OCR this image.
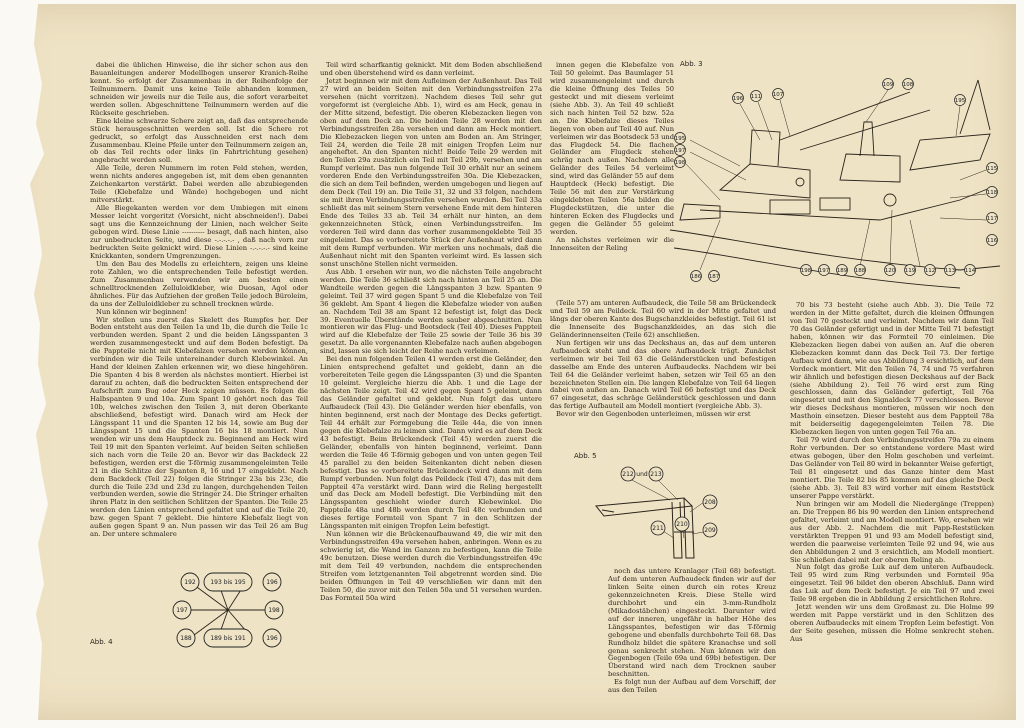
dabei die üblichen Hinweise, die ihr sicher schon aus den Bauanleitungen anderer Modellbogen unserer Kranich-Reihe kennt. So erfolgt der Zusammenbau in der Reihenfolge der Teilnummern. Damit uns keine Teile abhanden kommen, schneiden wir jeweils nur die Teile aus, die sofort verarbeitet werden sollen. Abgeschnittene Teilnummern werden auf die Rückseite geschrieben.

Eine kleine schwarze Schere zeigt an, daß das entsprechende Stück herausgeschnitten werden soll. Ist die Schere rot gedruckt, so erfolgt das Ausschneiden erst nach dem Zusammenbau. Kleine Pfeile unter den Teilnummern zeigen an, ob das Teil rechts oder links (in Fahrtrichtung gesehen) angebracht werden soll.

Alle Teile, deren Nummern im roten Feld stehen, werden, wenn nichts anderes angegeben ist, mit dem eben genannten Zeichenkarton verstärkt. Dabei werden alle abzubiegenden Teile (Klebefalze und Wände) hochgebogen und nicht mitverstärkt.

Alle Biegekanten werden vor dem Umbiegen mit einem Messer leicht vorgeritzt (Vorsicht, nicht abschneiden!). Dabei sagt uns die Kennzeichnung der Linien, nach welcher Seite gebogen wird. Diese Linie ---------- besagt, daß nach hinten, also zur unbedruckten Seite, und diese -.-.-.-.- , daß nach vorn zur bedruckten Seite geknickt wird. Diese Linien -.-.-.-.- sind keine Knickkanten, sondern Umgrenzungen.

Um den Bau des Modells zu erleichtern, zeigen uns kleine rote Zahlen, wo die entsprechenden Teile befestigt werden. Zum Zusammenbau verwenden wir am besten einen schnelltrocknenden Zelluloidkleber, wie Duosan, Agol oder ähnliches. Für das Aufziehen der großen Teile jedoch Büroleim, da uns der Zelluloidkleber zu schnell trocknen würde.

Nun können wir beginnen!

Wir stellen uns zuerst das Skelett des Rumpfes her. Der Boden entsteht aus den Teilen 1a und 1b, die durch die Teile 1c verbunden werden. Spant 2 und die beiden Längsspanten 3 werden zusammengesteckt und auf dem Boden befestigt. Da die Pappteile nicht mit Klebefalzen versehen werden können, verbinden wir die Teile untereinander durch Klebewinkel. An Hand der kleinen Zahlen erkennen wir, wo diese hingehören. Die Spanten 4 bis 8 werden als nächstes montiert. Hierbei ist darauf zu achten, daß die bedruckten Seiten entsprechend der Aufschrift zum Bug oder Heck zeigen müssen. Es folgen die Halbspanten 9 und 10a. Zum Spant 10 gehört noch das Teil 10b, welches zwischen den Teilen 3, mit deren Oberkante abschließend, befestigt wird. Danach wird am Heck der Längsspant 11 und die Spanten 12 bis 14, sowie am Bug der Längsspant 15 und die Spanten 16 bis 18 montiert. Nun wenden wir uns dem Hauptdeck zu. Beginnend am Heck wird Teil 19 mit den Spanten verleimt. Auf beiden Seiten schließen sich nach vorn die Teile 20 an. Bevor wir das Backdeck 22 befestigen, werden erst die T-förmig zusammengeleimten Teile 21 in die Schlitze der Spanten 8, 16 und 17 eingeklebt. Nach dem Backdeck (Teil 22) folgen die Stringer 23a bis 23c, die durch die Teile 23d und 23d zu langen, durchgehenden Teilen verbunden werden, sowie die Stringer 24. Die Stringer erhalten ihren Platz in den seitlichen Schlitzen der Spanten. Die Teile 25 werden den Linien entsprechend gefaltet und auf die Teile 20, bzw. gegen Spant 7 geklebt. Die hintere Klebefalz liegt von außen gegen Spant 9 an. Nun passen wir das Teil 26 am Bug an. Der untere schmalere

Teil wird scharfkantig geknickt. Mit dem Boden abschließend und oben überstehend wird es dann verleimt.

Jetzt beginnen wir mit dem Aufleimen der Außenhaut. Das Teil 27 wird an beiden Seiten mit den Verbindungsstreifen 27a versehen (nicht vorritzen). Nachdem dieses Teil sehr gut vorgeformt ist (vergleiche Abb. 1), wird es am Heck, genau in der Mitte sitzend, befestigt. Die oberen Klebezacken liegen von oben auf dem Deck an. Die beiden Teile 28 werden mit den Verbindungsstreifen 28a versehen und dann am Heck montiert. Die Klebezacken liegen von unten am Boden an. Am Stringer, Teil 24, werden die Teile 28 mit einigen Tropfen Leim nur angeheftet. An den Spanten nicht! Beide Teile 29 werden mit den Teilen 29a zusätzlich ein Teil mit Teil 29b, versehen und am Rumpf verleimt. Das nun folgende Teil 30 erhält nur an seinem vorderen Ende den Verbindungsstreifen 30a. Die Klebezacken, die sich an dem Teil befinden, werden umgebogen und liegen auf dem Deck (Teil 19) an. Die Teile 31, 32 und 33 folgen, nachdem sie mit ihren Verbindungsstreifen versehen wurden. Bei Teil 33a schließt das mit seinem Stern versehene Ende mit dem hinteren Ende des Teiles 33 ab. Teil 34 erhält nur hinten, an dem gekennzeichneten Stück, einen Verbindungsstreifen. Im vorderen Teil wird dann das vorher zusammengeklebte Teil 35 eingeleimt. Das so vorbereitete Stück der Außenhaut wird dann mit dem Rumpf verbunden. Wir merken uns nochmals, daß die Außenhaut nicht mit den Spanten verleimt wird. Es lassen sich sonst unschöne Stellen nicht vermeiden.

Aus Abb. 1 ersehen wir nun, wo die nächsten Teile angebracht werden. Die Teile 36 schließt sich nach hinten an Teil 25 an. Die Wandteile werden gegen die Längsspanten 3 bzw. Spanten 9 geleimt. Teil 37 wird gegen Spant 5 und die Klebefalze von Teil 36 geklebt. Am Spant 4 liegen die Klebefalze wieder von außen an. Nachdem Teil 38 am Spant 12 befestigt ist, folgt das Deck 39. Eventuelle Überstände werden sauber abgeschnitten. Nun montieren wir das Flug- und Bootsdeck (Teil 40). Dieses Pappteil wird auf die Klebefalze der Teile 25 sowie der Teile 36 bis 39 gesetzt. Da alle vorgenannten Klebefalze nach außen abgebogen sind, lassen sie sich leicht der Reihe nach verleimen.

Bei den nun folgenden Teilen 41 werden erst die Geländer, den Linien entsprechend gefaltet und geklebt, dann an die vorbereiteten Teile gegen die Längsspanten (3) und die Spanten 10 geleimt. Vergleiche hierzu die Abb. 1 und die Lage der nächsten Teile zeigt. Teil 42 wird gegen Spant 5 geleimt, dann das Geländer gefaltet und geklebt. Nun folgt das untere Aufbaudeck (Teil 43). Die Geländer werden hier ebenfalls, von hinten beginnend, erst nach der Montage des Decks gefertigt. Teil 44 erhält zur Formgebung die Teile 44a, die von innen gegen die Klebefalze zu leimen sind. Dann wird es auf dem Deck 43 befestigt. Beim Brückendeck (Teil 45) werden zuerst die Geländer, ebenfalls von hinten beginnend, verleimt. Dann werden die Teile 46 T-förmig gebogen und von unten gegen Teil 45 parallel zu den beiden Seitenkanten dicht neben diesen befestigt. Das so vorbereitete Brückendeck wird dann mit dem Rumpf verbunden. Nun folgt das Peildeck (Teil 47), das mit dem Pappteil 47a verstärkt wird. Dann wird die Reling hergestellt und das Deck am Modell befestigt. Die Verbindung mit den Längsspanten geschieht wieder durch Klebewinkel. Die Pappteile 48a und 48b werden durch Teil 48c verbunden und dieses fertige Formteil von Spant 7 in den Schlitzen der Längsspanten mit einigen Tropfen Leim befestigt.

Nun können wir die Brückenaufbauwand 49, die wir mit den Verbindungsstreifen 49a versehen haben, anbringen. Wenn es zu schwierig ist, die Wand im Ganzen zu befestigen, kann die Teile 49c benutzen. Diese werden durch die Verbindungsstreifen 49c mit dem Teil 49 verbunden, nachdem die entsprechenden Streifen vom letztgenannten Teil abgetrennt worden sind. Die beiden Öffnungen in Teil 49 verschließen wir dann mit den Teilen 50, die zuvor mit den Teilen 50a und 51 versehen wurden. Das Formteil 50a wird

innen gegen die Klebefalze von Teil 50 geleimt. Das Baumlager 51 wird zusammengeleimt und durch die kleine Öffnung des Teiles 50 gesteckt und mit diesem verleimt (siehe Abb. 3). An Teil 49 schließt sich nach hinten Teil 52 bzw. 52a an. Die Klebefalze dieses Teiles liegen von oben auf Teil 40 auf. Nun verleimen wir das Bootsdeck 53 und das Flugdeck 54. Die flachen Geländer am Flugdeck stehen schräg nach außen. Nachdem alle Geländer des Teiles 54 verleimt sind, wird das Geländer 55 auf dem Hauptdeck (Heck) befestigt. Die Teile 56 mit den zur Verstärkung eingeklebten Teilen 56a bilden die Flugdeckstützen, die unter die hinteren Ecken des Flugdecks und gegen die Geländer 55 geleimt werden.

An nächstes verleimen wir die Innenseiten der Reling

(Teile 57) am unteren Aufbaudeck, die Teile 58 am Brückendeck und Teil 59 am Peildeck. Teil 60 wird in der Mitte gefaltet und längs der oberen Kante des Bugschanzkleides befestigt. Teil 61 ist die Innenseite des Bugschanzkleides, an das sich die Geländerinnenseiten (Teile 62) anschließen.

Nun fertigen wir uns das Deckshaus an, das auf dem unteren Aufbaudeck steht und das obere Aufbaudeck trägt. Zunächst verleimen wir bei Teil 63 die Geländerstücken und befestigen dasselbe am Ende des unteren Aufbaudecks. Nachdem wir bei Teil 64 die Geländer verleimt haben, setzen wir Teil 65 an den bezeichneten Stellen ein. Die langen Klebefalze von Teil 64 liegen dabei von außen an. Danach wird Teil 66 befestigt und das Deck 67 eingesetzt, das schräge Geländerstück geschlossen und dann das fertige Aufbauteil am Modell montiert (vergleiche Abb. 3).

Bevor wir den Gegenboden unterleimen, müssen wir erst

noch das untere Kranlager (Teil 68) befestigt. Auf dem unteren Aufbaudeck finden wir auf der linken Seite einen durch ein rotes Kreuz gekennzeichneten Kreis. Diese Stelle wird durchbohrt und ein 3-mm-Rundholz (Mikadostäbchen) eingesteckt. Darunter wird auf der inneren, ungefähr in halber Höhe des Längsspantes, befestigen wir das T-förmig gebogene und ebenfalls durchbohrte Teil 68. Das Rundholz bildet die spätere Kranachse und soll genau senkrecht stehen. Nun können wir den Gegenbogen (Teile 69a und 69b) befestigen. Der Überstand wird nach dem Trocknen sauber beschnitten.

Es folgt nun der Aufbau auf dem Vorschiff, der aus den Teilen

70 bis 73 besteht (siehe auch Abb. 3). Die Teile 72 werden in der Mitte gefaltet, durch die kleinen Öffnungen von Teil 70 gesteckt und verleimt. Nachdem wir dann Teil 70 das Geländer gefertigt und in der Mitte Teil 71 befestigt haben, können wir das Formteil 70 einleimen. Die Klebezacken liegen dabei von außen an. Auf die oberen Klebezacken kommt dann das Deck Teil 73. Der fertige Aufbau wird dann, wie aus Abbildung 3 ersichtlich, auf dem Vordeck montiert. Mit den Teilen 74, 74 und 75 verfahren wir ähnlich und befestigen diesen Deckshaus auf der Back (siehe Abbildung 2). Teil 76 wird erst zum Ring geschlossen, dann das Geländer gefertigt, Teil 76a eingesetzt und mit den Signaldeck 77 verschlossen. Bevor wir dieses Deckshaus montieren, müssen wir noch den Masthoin einsetzen. Dieser besteht aus dem Pappteil 78a mit beiderseitig dagegengeleimten Teilen 78. Die Klebezacken liegen von unten gegen Teil 76a an.

Teil 79 wird durch den Verbindungsstreifen 79a zu einem Rohr verbunden. Der so entstandene vordere Mast wird etwas gebogen, über den Holm geschoben und verleimt. Das Geländer von Teil 80 wird in bekannter Weise gefertigt, Teil 81 eingesetzt und das Ganze hinter dem Mast montiert. Die Teile 82 bis 85 kommen auf das gleiche Deck (siehe Abb. 3). Teil 83 wird vorher mit einem Reststück unserer Pappe verstärkt.

Nun bringen wir am Modell die Niedergänge (Treppen) an. Die Treppen 86 bis 90 werden den Linien entsprechend gefaltet, verleimt und am Modell montiert. Wo, ersehen wir aus der Abb. 2. Nachdem die mit Papp-Reststücken verstärkten Treppen 91 und 93 am Modell befestigt sind, werden die paarweise verleimten Teile 92 und 94, wie aus den Abbildungen 2 und 3 ersichtlich, am Modell montiert. Sie schließen dabei mit der oberen Reling ab.

Nun folgt das große Luk auf dem unteren Aufbaudeck. Teil 95 wird zum Ring verbunden und Formteil 95a eingesetzt. Teil 96 bildet den oberen Abschluß. Dann wird das Luk auf dem Deck befestigt. Je ein Teil 97 und zwei Teile 98 ergeben die in Abbildung 2 ersichtlichen Rohre.

Jetzt wenden wir uns dem Großmast zu. Die Holme 99 werden mit Pappe verstärkt und in den Schlitzen des oberen Aufbaudecks mit einem Tropfen Leim befestigt. Von der Seite gesehen, müssen die Holme senkrecht stehen. Aus

Abb. 3
195
197
198
196 111 107
109 108
195
115
118
117
116
114
113
112
119
120
186 187
188
189
197
198
192 193 bis 195
197
196
198
196
189 bis 191
188
Abb. 4
Abb. 5
212 und 213
208
209
211
210
